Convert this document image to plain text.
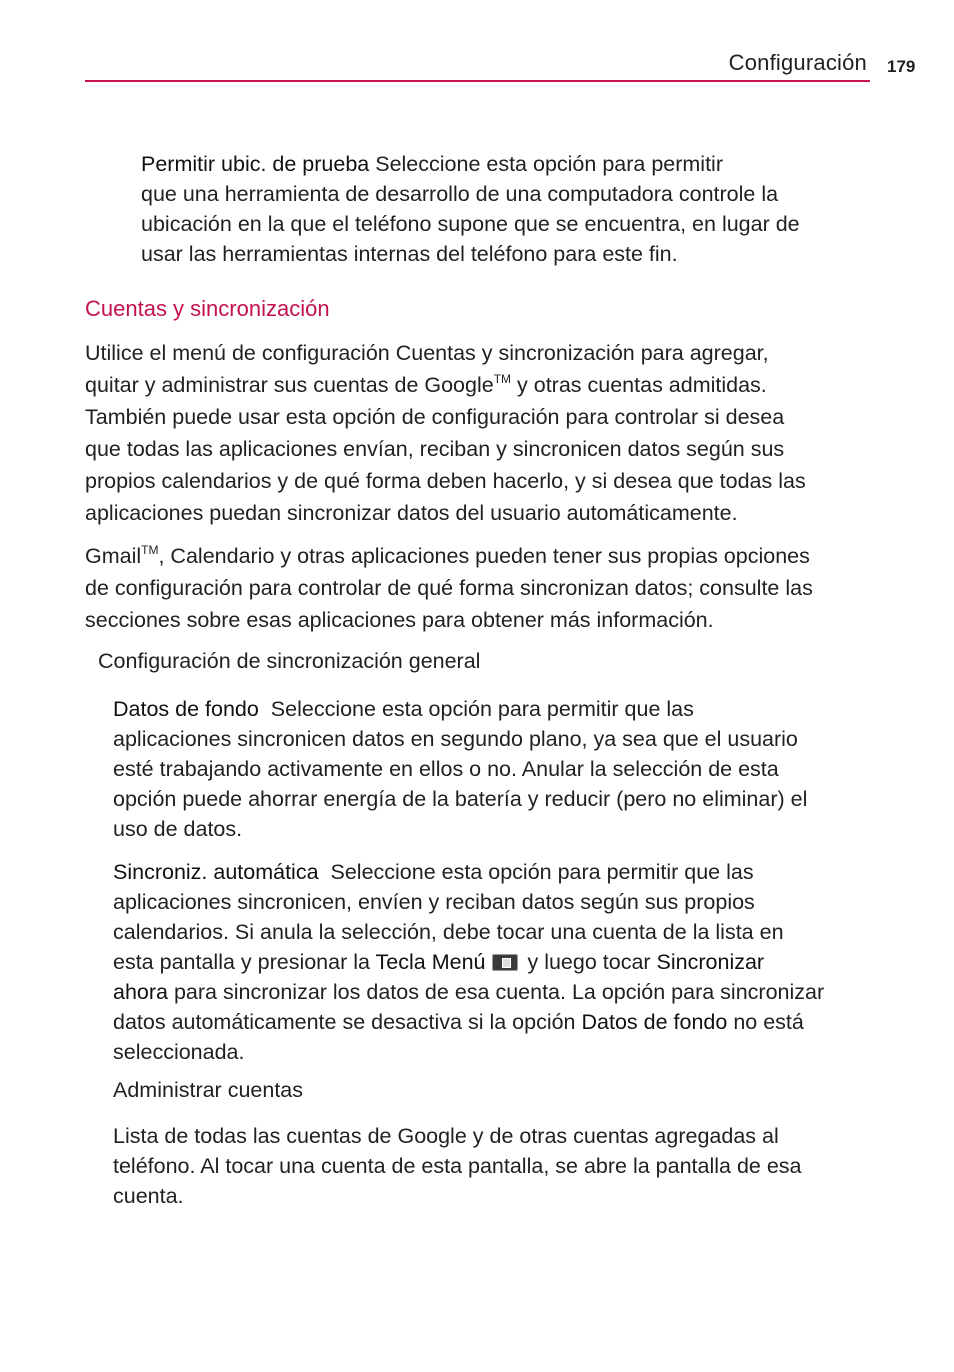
Configuración 179
Permitir ubic. de prueba Seleccione esta opción para permitir
que una herramienta de desarrollo de una computadora controle la
ubicación en la que el teléfono supone que se encuentra, en lugar de
usar las herramientas internas del teléfono para este fin.
Cuentas y sincronización
Utilice el menú de configuración Cuentas y sincronización para agregar,
quitar y administrar sus cuentas de Google™ y otras cuentas admitidas.
También puede usar esta opción de configuración para controlar si desea
que todas las aplicaciones envían, reciban y sincronicen datos según sus
propios calendarios y de qué forma deben hacerlo, y si desea que todas las
aplicaciones puedan sincronizar datos del usuario automáticamente.
Gmail™, Calendario y otras aplicaciones pueden tener sus propias opciones
de configuración para controlar de qué forma sincronizan datos; consulte las
secciones sobre esas aplicaciones para obtener más información.
Configuración de sincronización general
Datos de fondo  Seleccione esta opción para permitir que las
aplicaciones sincronicen datos en segundo plano, ya sea que el usuario
esté trabajando activamente en ellos o no. Anular la selección de esta
opción puede ahorrar energía de la batería y reducir (pero no eliminar) el
uso de datos.
Sincroniz. automática  Seleccione esta opción para permitir que las
aplicaciones sincronicen, envíen y reciban datos según sus propios
calendarios. Si anula la selección, debe tocar una cuenta de la lista en
esta pantalla y presionar la Tecla Menú y luego tocar Sincronizar
ahora para sincronizar los datos de esa cuenta. La opción para sincronizar
datos automáticamente se desactiva si la opción Datos de fondo no está
seleccionada.
Administrar cuentas
Lista de todas las cuentas de Google y de otras cuentas agregadas al
teléfono. Al tocar una cuenta de esta pantalla, se abre la pantalla de esa
cuenta.
